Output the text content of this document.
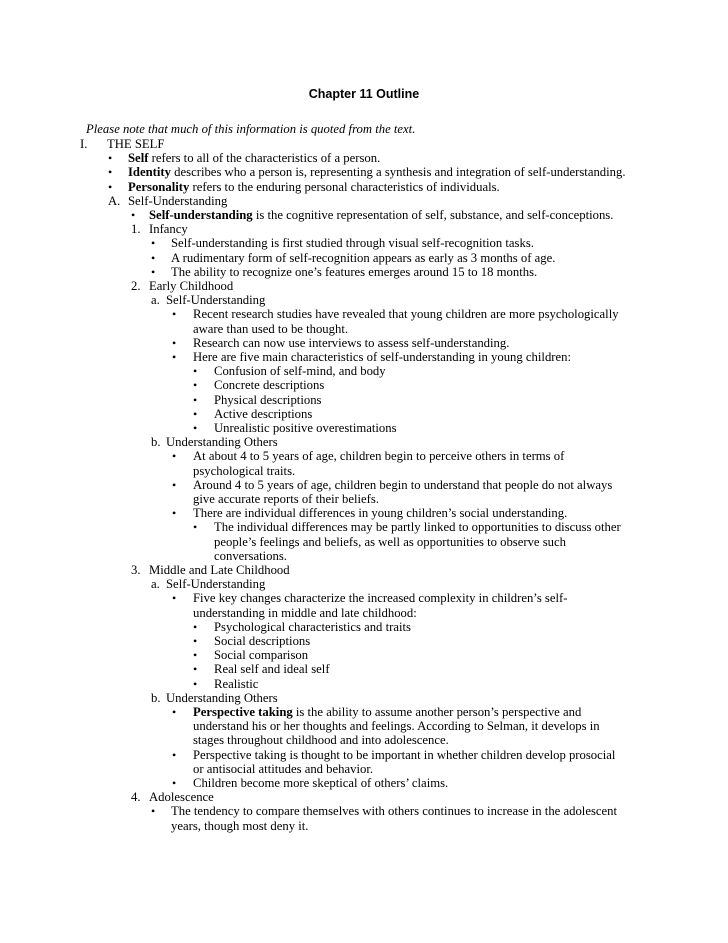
Chapter 11 Outline
Please note that much of this information is quoted from the text.
I. THE SELF
• Self refers to all of the characteristics of a person.
• Identity describes who a person is, representing a synthesis and integration of self-understanding.
• Personality refers to the enduring personal characteristics of individuals.
A. Self-Understanding
• Self-understanding is the cognitive representation of self, substance, and self-conceptions.
1. Infancy
• Self-understanding is first studied through visual self-recognition tasks.
• A rudimentary form of self-recognition appears as early as 3 months of age.
• The ability to recognize one’s features emerges around 15 to 18 months.
2. Early Childhood
a. Self-Understanding
• Recent research studies have revealed that young children are more psychologically
aware than used to be thought.
• Research can now use interviews to assess self-understanding.
• Here are five main characteristics of self-understanding in young children:
• Confusion of self-mind, and body
• Concrete descriptions
• Physical descriptions
• Active descriptions
• Unrealistic positive overestimations
b. Understanding Others
• At about 4 to 5 years of age, children begin to perceive others in terms of
psychological traits.
• Around 4 to 5 years of age, children begin to understand that people do not always
give accurate reports of their beliefs.
• There are individual differences in young children’s social understanding.
• The individual differences may be partly linked to opportunities to discuss other
people’s feelings and beliefs, as well as opportunities to observe such
conversations.
3. Middle and Late Childhood
a. Self-Understanding
• Five key changes characterize the increased complexity in children’s self-
understanding in middle and late childhood:
• Psychological characteristics and traits
• Social descriptions
• Social comparison
• Real self and ideal self
• Realistic
b. Understanding Others
• Perspective taking is the ability to assume another person’s perspective and
understand his or her thoughts and feelings. According to Selman, it develops in
stages throughout childhood and into adolescence.
• Perspective taking is thought to be important in whether children develop prosocial
or antisocial attitudes and behavior.
• Children become more skeptical of others’ claims.
4. Adolescence
• The tendency to compare themselves with others continues to increase in the adolescent
years, though most deny it.
